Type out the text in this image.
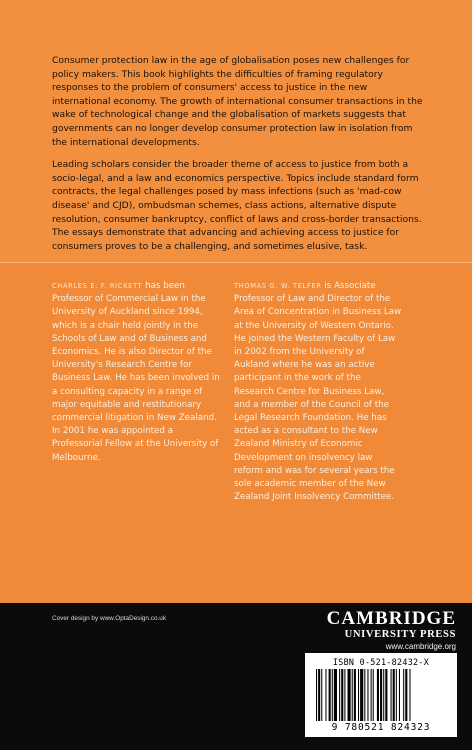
Consumer protection law in the age of globalisation poses new challenges for policy makers. This book highlights the difficulties of framing regulatory responses to the problem of consumers' access to justice in the new international economy. The growth of international consumer transactions in the wake of technological change and the globalisation of markets suggests that governments can no longer develop consumer protection law in isolation from the international developments.

Leading scholars consider the broader theme of access to justice from both a socio-legal, and a law and economics perspective. Topics include standard form contracts, the legal challenges posed by mass infections (such as 'mad-cow disease' and CJD), ombudsman schemes, class actions, alternative dispute resolution, consumer bankruptcy, conflict of laws and cross-border transactions. The essays demonstrate that advancing and achieving access to justice for consumers proves to be a challenging, and sometimes elusive, task.

CHARLES E. F. RICKETT has been Professor of Commercial Law in the University of Auckland since 1994, which is a chair held jointly in the Schools of Law and of Business and Economics. He is also Director of the University's Research Centre for Business Law. He has been involved in a consulting capacity in a range of major equitable and restitutionary commercial litigation in New Zealand. In 2001 he was appointed a Professorial Fellow at the University of Melbourne.
THOMAS G. W. TELFER is Associate Professor of Law and Director of the Area of Concentration in Business Law at the University of Western Ontario. He joined the Western Faculty of Law in 2002 from the University of Aukland where he was an active participant in the work of the Research Centre for Business Law, and a member of the Council of the Legal Research Foundation. He has acted as a consultant to the New Zealand Ministry of Economic Development on insolvency law reform and was for several years the sole academic member of the New Zealand Joint Insolvency Committee.
Cover design by www.OptaDesign.co.uk	CAMBRIDGE
UNIVERSITY PRESS
www.cambridge.org
ISBN 0-521-82432-X
9 780521 824323
